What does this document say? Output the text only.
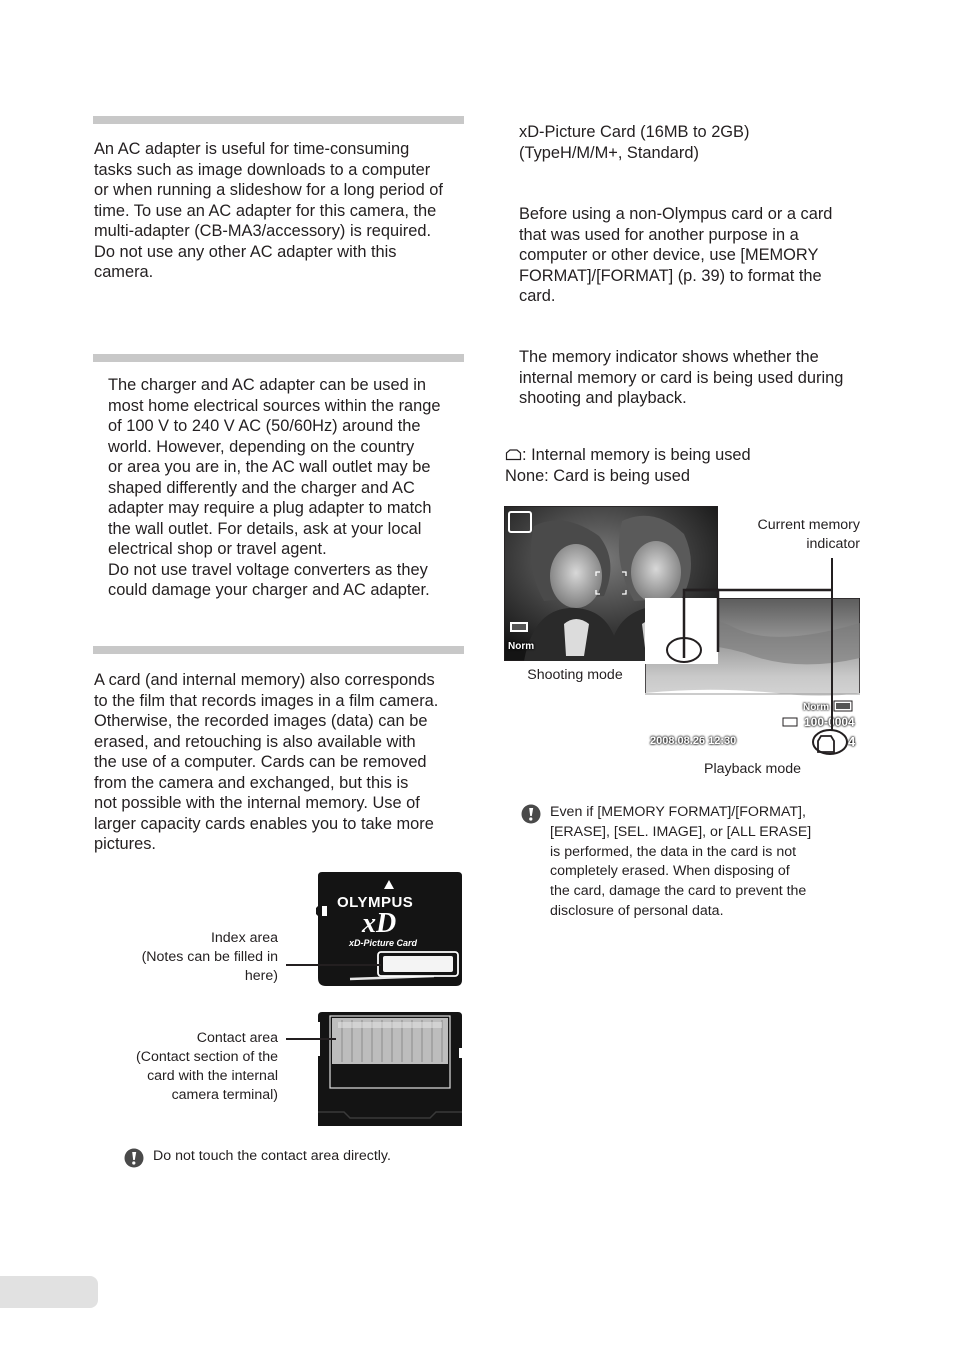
An AC adapter is useful for time-consuming
tasks such as image downloads to a computer
or when running a slideshow for a long period of
time. To use an AC adapter for this camera, the
multi-adapter (CB-MA3/accessory) is required.
Do not use any other AC adapter with this
camera.
The charger and AC adapter can be used in
most home electrical sources within the range
of 100 V to 240 V AC (50/60Hz) around the
world. However, depending on the country
or area you are in, the AC wall outlet may be
shaped differently and the charger and AC
adapter may require a plug adapter to match
the wall outlet. For details, ask at your local
electrical shop or travel agent.
Do not use travel voltage converters as they
could damage your charger and AC adapter.
A card (and internal memory) also corresponds
to the film that records images in a film camera.
Otherwise, the recorded images (data) can be
erased, and retouching is also available with
the use of a computer. Cards can be removed
from the camera and exchanged, but this is
not possible with the internal memory. Use of
larger capacity cards enables you to take more
pictures.
OLYMPUS
xD
xD-Picture Card
Index area
(Notes can be filled in
here)
Contact area
(Contact section of the
card with the internal
camera terminal)
Do not touch the contact area directly.
xD-Picture Card (16MB to 2GB)
(TypeH/M/M+, Standard)
Before using a non-Olympus card or a card
that was used for another purpose in a
computer or other device, use [MEMORY
FORMAT]/[FORMAT] (p. 39) to format the
card.
The memory indicator shows whether the
internal memory or card is being used during
shooting and playback.
: Internal memory is being used
None: Card is being used
Norm
Shooting mode
Norm
100-0004
2008.08.26 12:30	4
Current memory
indicator
Playback mode
Even if [MEMORY FORMAT]/[FORMAT],
[ERASE], [SEL. IMAGE], or [ALL ERASE]
is performed, the data in the card is not
completely erased. When disposing of
the card, damage the card to prevent the
disclosure of personal data.
